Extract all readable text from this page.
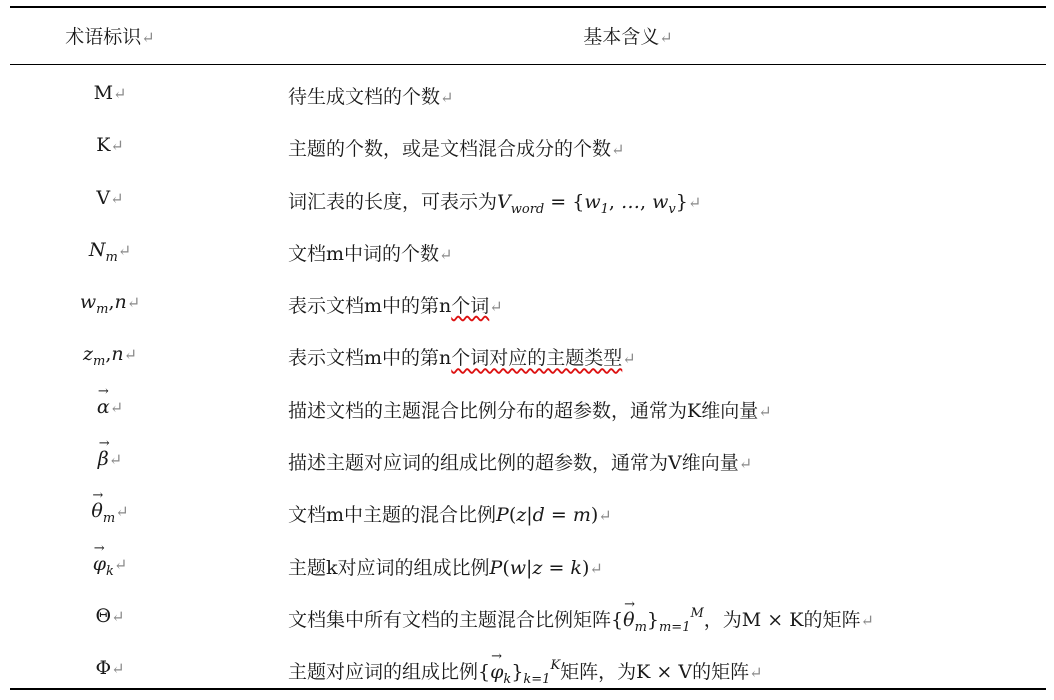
术语标识↵	基本含义↵
M↵	待生成文档的个数↵
K↵	主题的个数，或是文档混合成分的个数↵
V↵	词汇表的长度，可表示为$V_{word} = \{w_1$, …, $w_v\}↵$
$N_m↵$	文档m中词的个数↵
$w_m,n↵$	表示文档m中的第n个词↵
$z_m,n↵$	表示文档m中的第n个词对应的主题类型↵
→ α↵	描述文档的主题混合比例分布的超参数，通常为K维向量↵
→ β↵	描述主题对应词的组成比例的超参数，通常为V维向量↵
→ $\theta_m↵$	文档m中主题的混合比例P(z|d = m)↵
→ $\varphi_k↵$	主题k对应词的组成比例P(w|z = k)↵
Θ↵	文档集中所有文档的主题混合比例矩阵{→ $\theta_m\}_{m=1}^M$，为M × K的矩阵↵
Φ↵	主题对应词的组成比例{→ $\varphi_k\}_{k=1}^K$矩阵，为K × V的矩阵↵
